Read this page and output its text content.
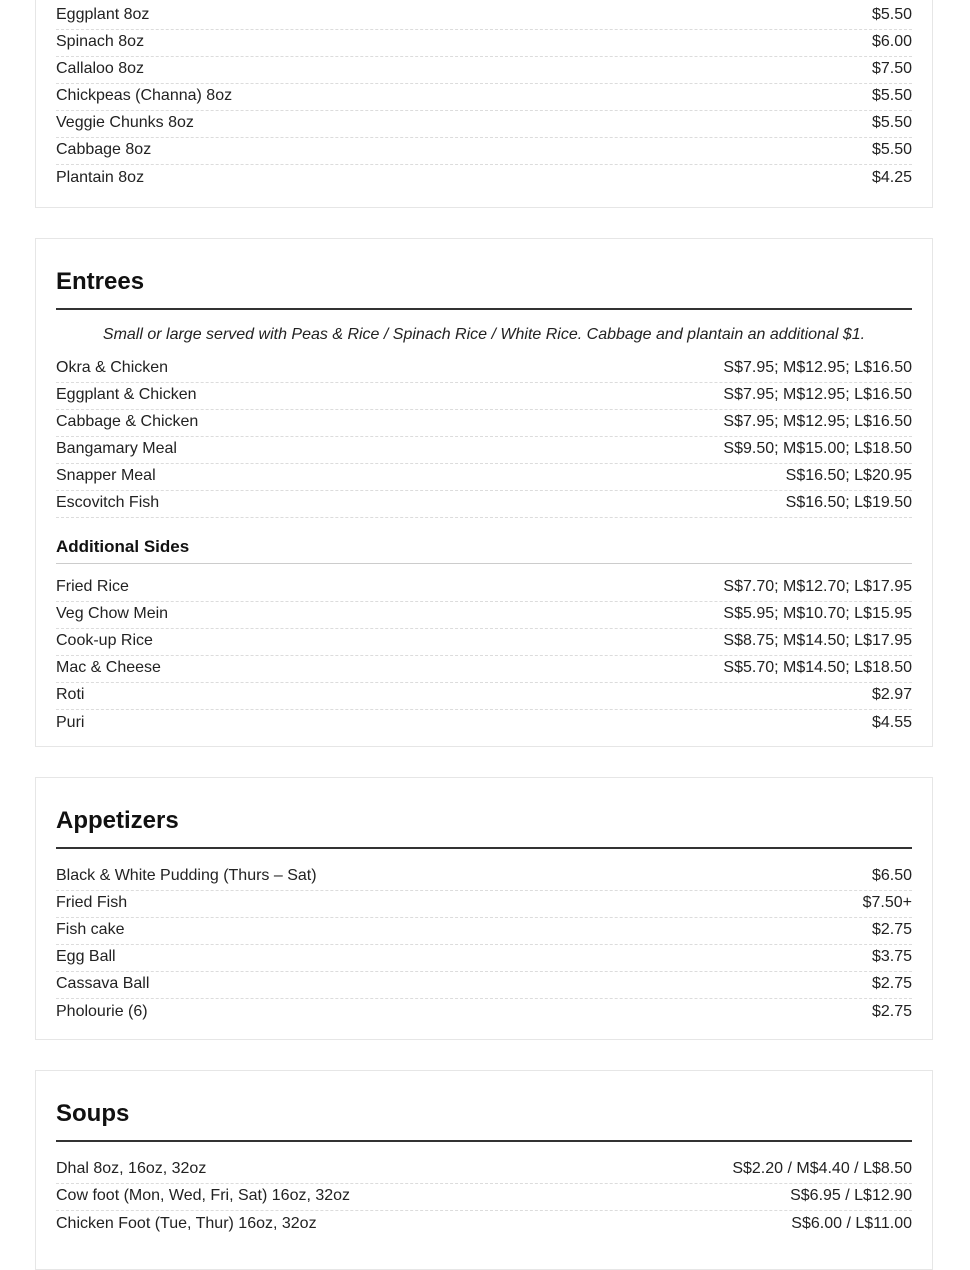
Eggplant 8oz	$5.50
Spinach 8oz	$6.00
Callaloo 8oz	$7.50
Chickpeas (Channa) 8oz	$5.50
Veggie Chunks 8oz	$5.50
Cabbage 8oz	$5.50
Plantain 8oz	$4.25
Entrees
Small or large served with Peas & Rice / Spinach Rice / White Rice. Cabbage and plantain an additional $1.
Okra & Chicken	S$7.95; M$12.95; L$16.50
Eggplant & Chicken	S$7.95; M$12.95; L$16.50
Cabbage & Chicken	S$7.95; M$12.95; L$16.50
Bangamary Meal	S$9.50; M$15.00; L$18.50
Snapper Meal	S$16.50; L$20.95
Escovitch Fish	S$16.50; L$19.50
Additional Sides
Fried Rice	S$7.70; M$12.70; L$17.95
Veg Chow Mein	S$5.95; M$10.70; L$15.95
Cook-up Rice	S$8.75; M$14.50; L$17.95
Mac & Cheese	S$5.70; M$14.50; L$18.50
Roti	$2.97
Puri	$4.55
Appetizers
Black & White Pudding (Thurs – Sat)	$6.50
Fried Fish	$7.50+
Fish cake	$2.75
Egg Ball	$3.75
Cassava Ball	$2.75
Pholourie (6)	$2.75
Soups
Dhal 8oz, 16oz, 32oz	S$2.20 / M$4.40 / L$8.50
Cow foot (Mon, Wed, Fri, Sat) 16oz, 32oz	S$6.95 / L$12.90
Chicken Foot (Tue, Thur) 16oz, 32oz	S$6.00 / L$11.00
